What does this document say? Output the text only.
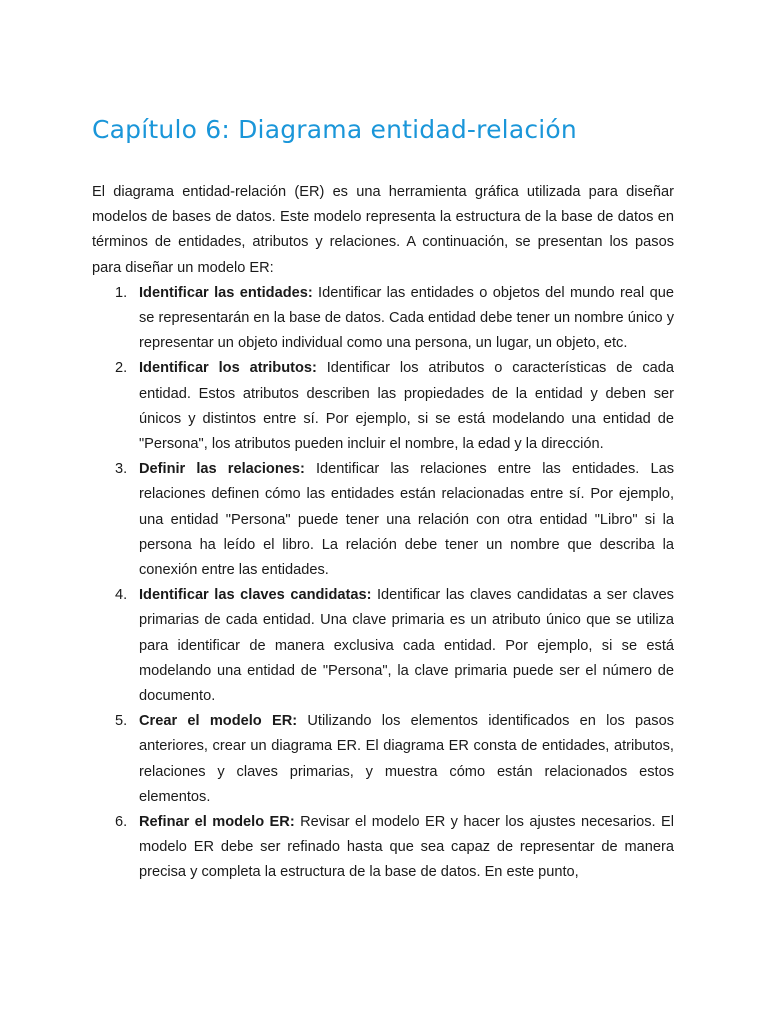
Capítulo 6: Diagrama entidad-relación

El diagrama entidad-relación (ER) es una herramienta gráfica utilizada para diseñar modelos de bases de datos. Este modelo representa la estructura de la base de datos en términos de entidades, atributos y relaciones. A continuación, se presentan los pasos para diseñar un modelo ER:

1. Identificar las entidades: Identificar las entidades o objetos del mundo real que se representarán en la base de datos. Cada entidad debe tener un nombre único y representar un objeto individual como una persona, un lugar, un objeto, etc.
2. Identificar los atributos: Identificar los atributos o características de cada entidad. Estos atributos describen las propiedades de la entidad y deben ser únicos y distintos entre sí. Por ejemplo, si se está modelando una entidad de "Persona", los atributos pueden incluir el nombre, la edad y la dirección.
3. Definir las relaciones: Identificar las relaciones entre las entidades. Las relaciones definen cómo las entidades están relacionadas entre sí. Por ejemplo, una entidad "Persona" puede tener una relación con otra entidad "Libro" si la persona ha leído el libro. La relación debe tener un nombre que describa la conexión entre las entidades.
4. Identificar las claves candidatas: Identificar las claves candidatas a ser claves primarias de cada entidad. Una clave primaria es un atributo único que se utiliza para identificar de manera exclusiva cada entidad. Por ejemplo, si se está modelando una entidad de "Persona", la clave primaria puede ser el número de documento.
5. Crear el modelo ER: Utilizando los elementos identificados en los pasos anteriores, crear un diagrama ER. El diagrama ER consta de entidades, atributos, relaciones y claves primarias, y muestra cómo están relacionados estos elementos.
6. Refinar el modelo ER: Revisar el modelo ER y hacer los ajustes necesarios. El modelo ER debe ser refinado hasta que sea capaz de representar de manera precisa y completa la estructura de la base de datos. En este punto,
